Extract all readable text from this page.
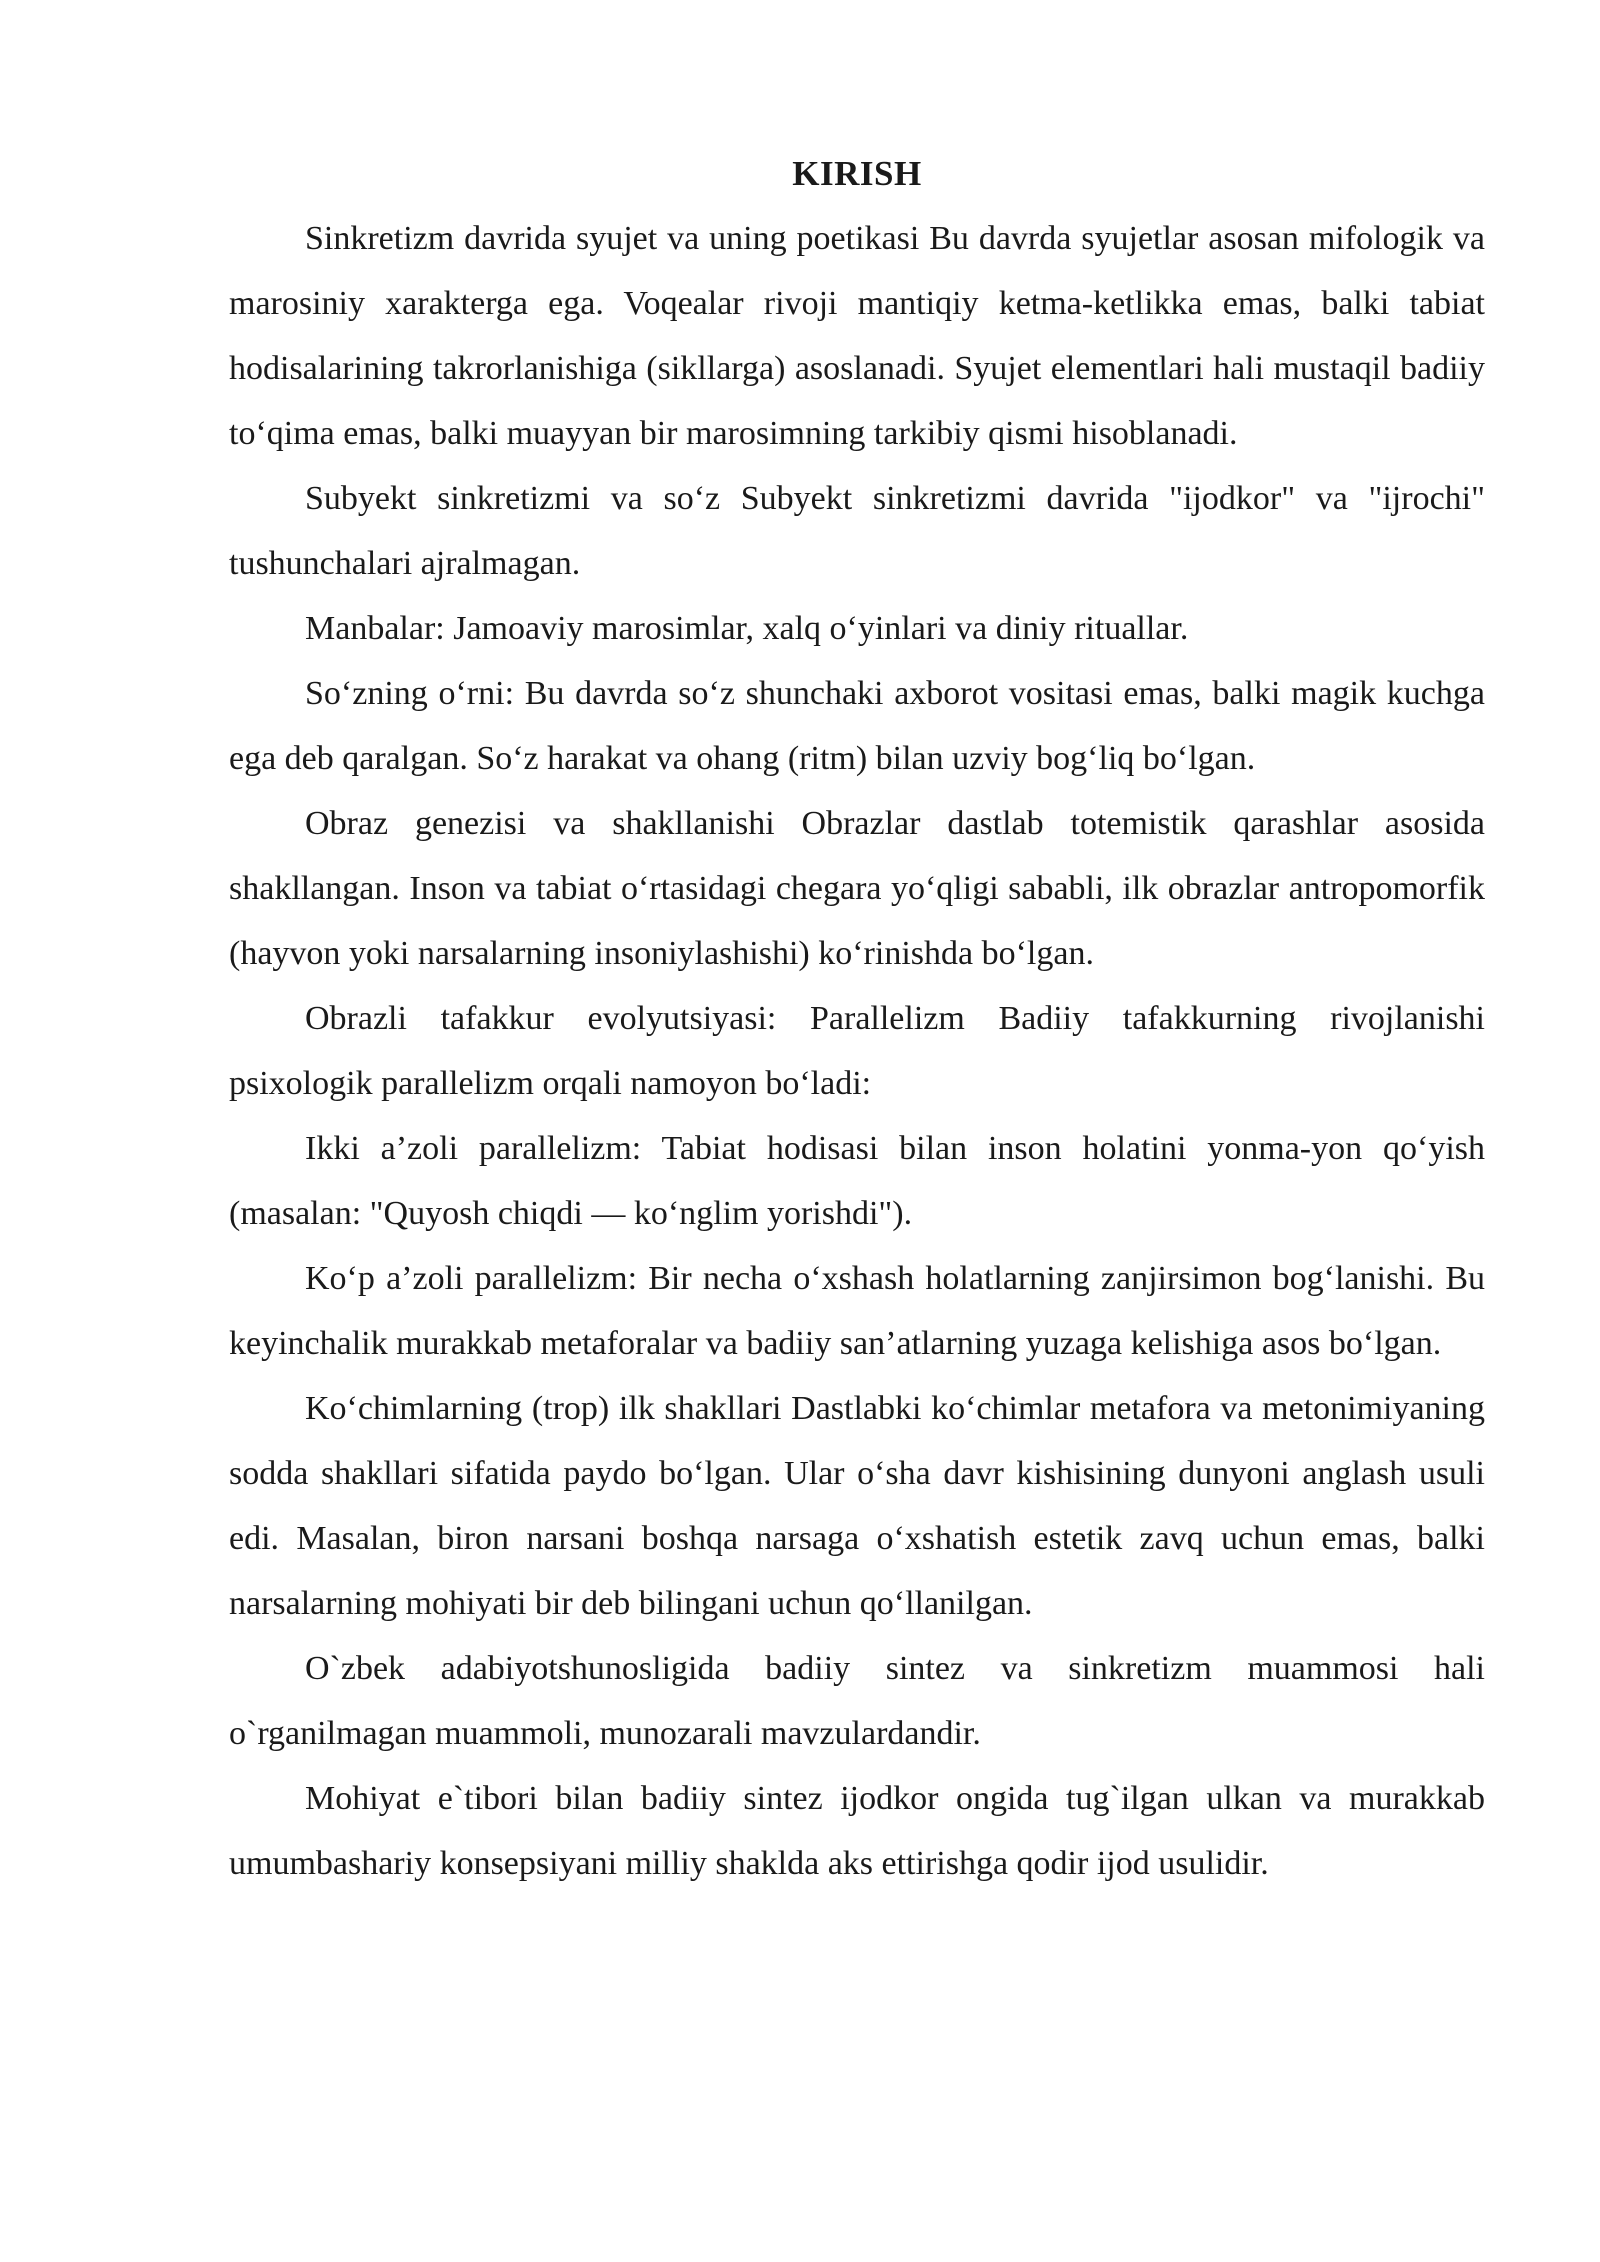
KIRISH

Sinkretizm davrida syujet va uning poetikasi Bu davrda syujetlar asosan mifologik va marosiniy xarakterga ega. Voqealar rivoji mantiqiy ketma-ketlikka emas, balki tabiat hodisalarining takrorlanishiga (sikllarga) asoslanadi. Syujet elementlari hali mustaqil badiiy to‘qima emas, balki muayyan bir marosimning tarkibiy qismi hisoblanadi.

Subyekt sinkretizmi va so‘z Subyekt sinkretizmi davrida "ijodkor" va "ijrochi" tushunchalari ajralmagan.

Manbalar: Jamoaviy marosimlar, xalq o‘yinlari va diniy rituallar.

So‘zning o‘rni: Bu davrda so‘z shunchaki axborot vositasi emas, balki magik kuchga ega deb qaralgan. So‘z harakat va ohang (ritm) bilan uzviy bog‘liq bo‘lgan.

Obraz genezisi va shakllanishi Obrazlar dastlab totemistik qarashlar asosida shakllangan. Inson va tabiat o‘rtasidagi chegara yo‘qligi sababli, ilk obrazlar antropomorfik (hayvon yoki narsalarning insoniylashishi) ko‘rinishda bo‘lgan.

Obrazli tafakkur evolyutsiyasi: Parallelizm Badiiy tafakkurning rivojlanishi psixologik parallelizm orqali namoyon bo‘ladi:

Ikki a’zoli parallelizm: Tabiat hodisasi bilan inson holatini yonma-yon qo‘yish (masalan: "Quyosh chiqdi — ko‘nglim yorishdi").

Ko‘p a’zoli parallelizm: Bir necha o‘xshash holatlarning zanjirsimon bog‘lanishi. Bu keyinchalik murakkab metaforalar va badiiy san’atlarning yuzaga kelishiga asos bo‘lgan.

Ko‘chimlarning (trop) ilk shakllari Dastlabki ko‘chimlar metafora va metonimiyaning sodda shakllari sifatida paydo bo‘lgan. Ular o‘sha davr kishisining dunyoni anglash usuli edi. Masalan, biron narsani boshqa narsaga o‘xshatish estetik zavq uchun emas, balki narsalarning mohiyati bir deb bilingani uchun qo‘llanilgan.

O`zbek adabiyotshunosligida badiiy sintez va sinkretizm muammosi hali o`rganilmagan muammoli, munozarali mavzulardandir.

Mohiyat e`tibori bilan badiiy sintez ijodkor ongida tug`ilgan ulkan va murakkab umumbashariy konsepsiyani milliy shaklda aks ettirishga qodir ijod usulidir.
